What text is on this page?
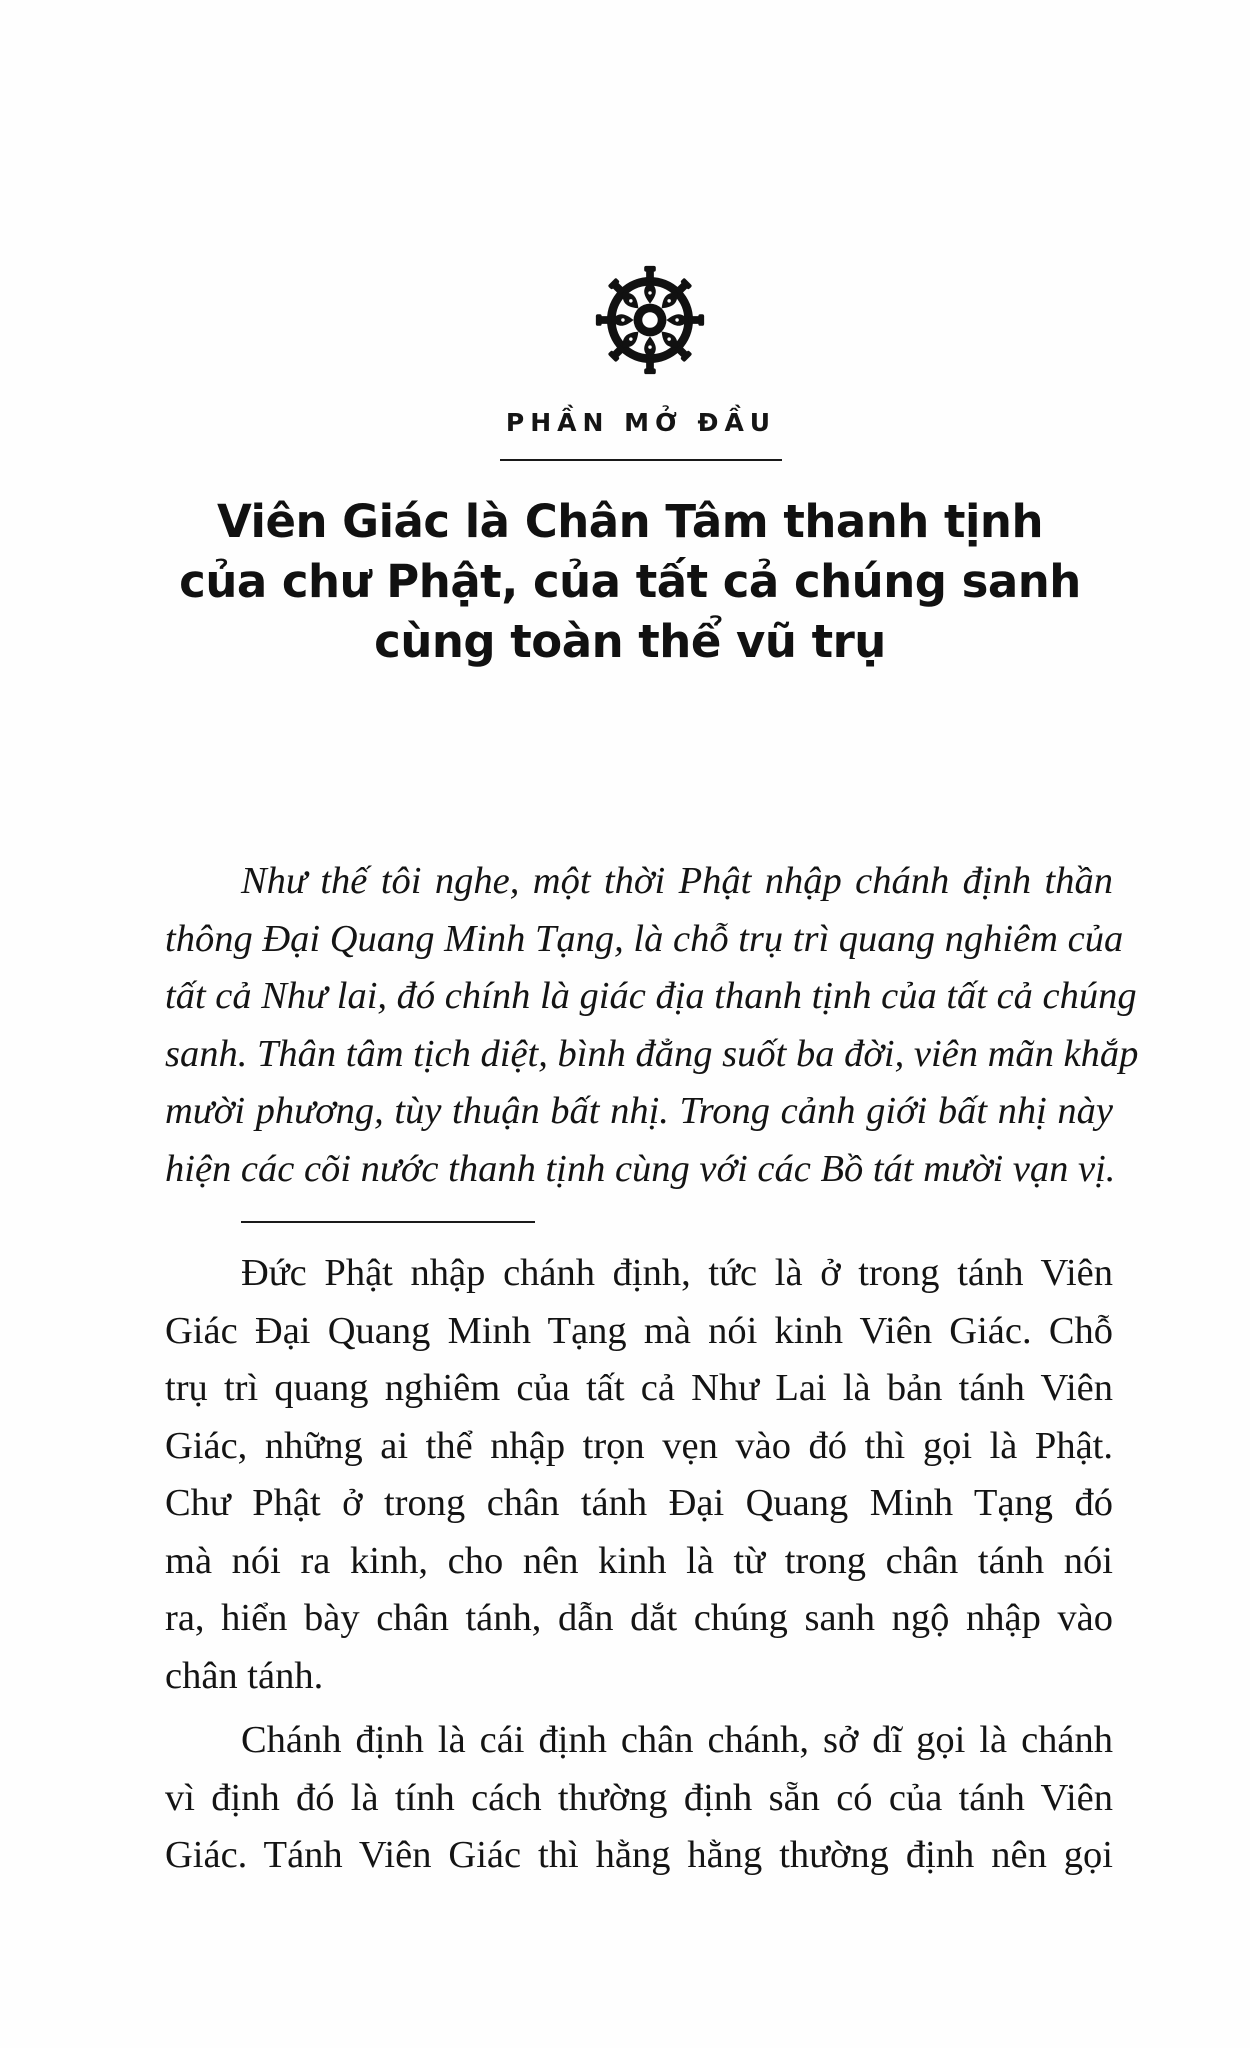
PHẦN MỞ ĐẦU
Viên Giác là Chân Tâm thanh tịnh
của chư Phật, của tất cả chúng sanh
cùng toàn thể vũ trụ
Như thế tôi nghe, một thời Phật nhập chánh định thần
thông Đại Quang Minh Tạng, là chỗ trụ trì quang nghiêm của
tất cả Như lai, đó chính là giác địa thanh tịnh của tất cả chúng
sanh. Thân tâm tịch diệt, bình đẳng suốt ba đời, viên mãn khắp
mười phương, tùy thuận bất nhị. Trong cảnh giới bất nhị này
hiện các cõi nước thanh tịnh cùng với các Bồ tát mười vạn vị.
Đức Phật nhập chánh định, tức là ở trong tánh Viên
Giác Đại Quang Minh Tạng mà nói kinh Viên Giác. Chỗ
trụ trì quang nghiêm của tất cả Như Lai là bản tánh Viên
Giác, những ai thể nhập trọn vẹn vào đó thì gọi là Phật.
Chư Phật ở trong chân tánh Đại Quang Minh Tạng đó
mà nói ra kinh, cho nên kinh là từ trong chân tánh nói
ra, hiển bày chân tánh, dẫn dắt chúng sanh ngộ nhập vào
chân tánh.
Chánh định là cái định chân chánh, sở dĩ gọi là chánh
vì định đó là tính cách thường định sẵn có của tánh Viên
Giác. Tánh Viên Giác thì hằng hằng thường định nên gọi
